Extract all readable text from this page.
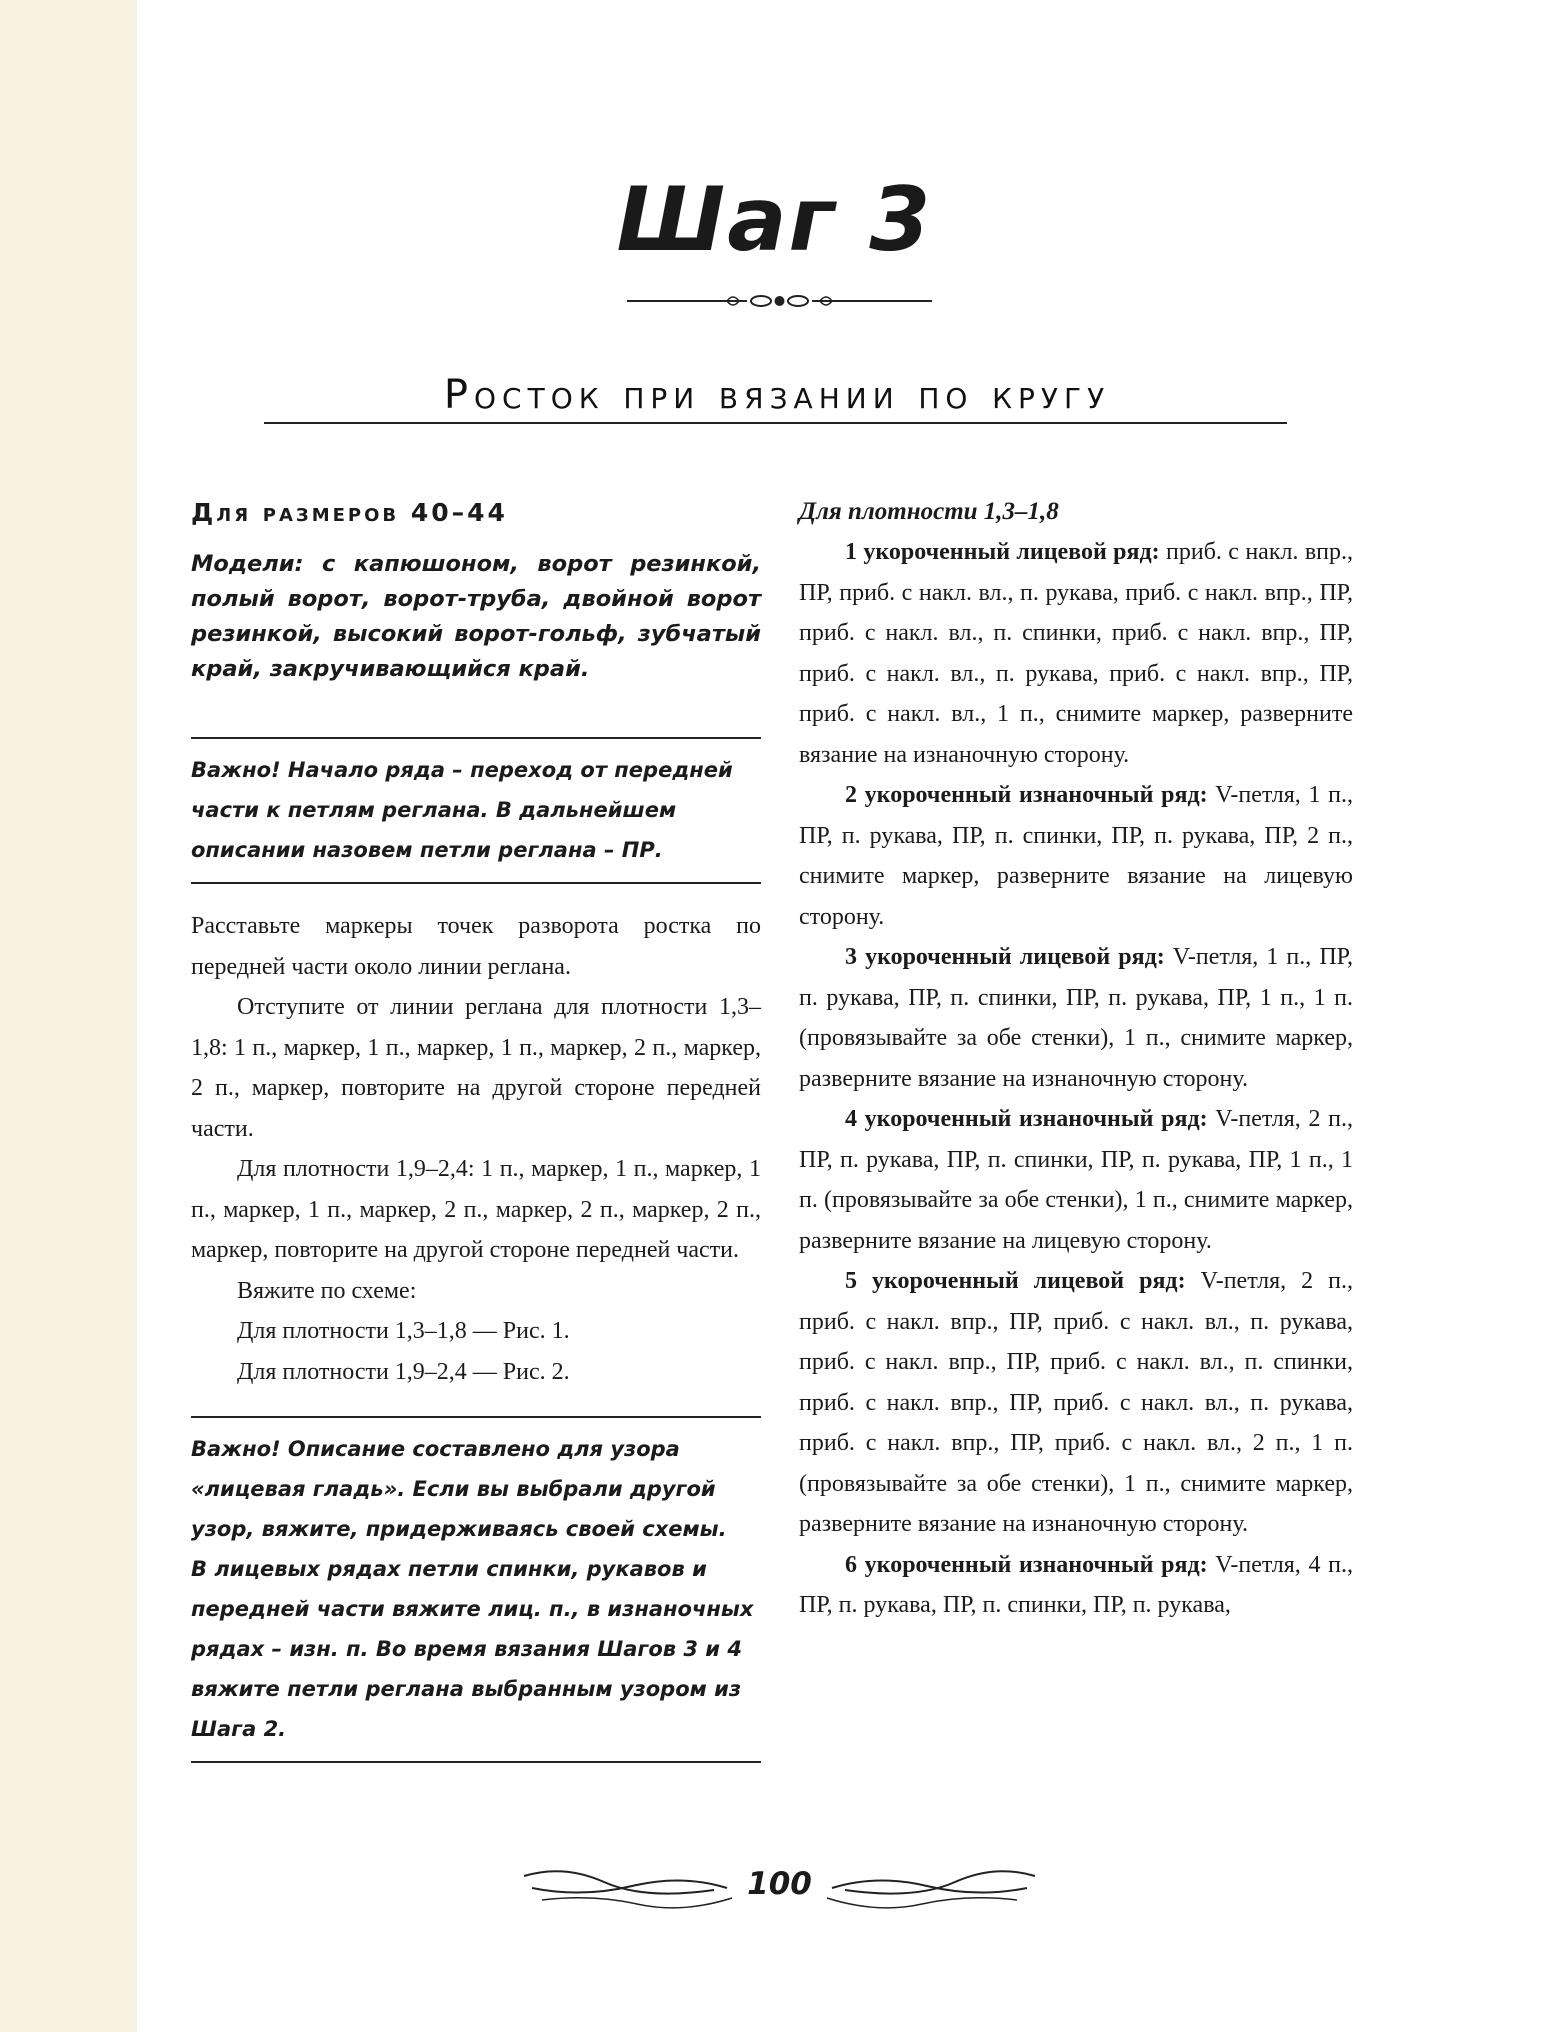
Шаг 3
Росток при вязании по кругу
Для размеров 40–44

Модели: с капюшоном, ворот резинкой, полый ворот, ворот-труба, двойной ворот резинкой, высокий ворот-гольф, зубчатый край, закручивающийся край.

Важно! Начало ряда – переход от передней части к петлям реглана. В дальнейшем описании назовем петли реглана – ПР.

Расставьте маркеры точек разворота ростка по передней части около линии реглана.

Отступите от линии реглана для плотности 1,3–1,8: 1 п., маркер, 1 п., маркер, 1 п., маркер, 2 п., маркер, 2 п., маркер, повторите на другой стороне передней части.

Для плотности 1,9–2,4: 1 п., маркер, 1 п., маркер, 1 п., маркер, 1 п., маркер, 2 п., маркер, 2 п., маркер, 2 п., маркер, повторите на другой стороне передней части.

Вяжите по схеме:

Для плотности 1,3–1,8 — Рис. 1.

Для плотности 1,9–2,4 — Рис. 2.

Важно! Описание составлено для узора «лицевая гладь». Если вы выбрали другой узор, вяжите, придерживаясь своей схемы.
В лицевых рядах петли спинки, рукавов и передней части вяжите лиц. п., в изнаночных рядах – изн. п. Во время вязания Шагов 3 и 4 вяжите петли реглана выбранным узором из Шага 2.
Для плотности 1,3–1,8

1 укороченный лицевой ряд: приб. с накл. впр., ПР, приб. с накл. вл., п. рукава, приб. с накл. впр., ПР, приб. с накл. вл., п. спинки, приб. с накл. впр., ПР, приб. с накл. вл., п. рукава, приб. с накл. впр., ПР, приб. с накл. вл., 1 п., снимите маркер, разверните вязание на изнаночную сторону.

2 укороченный изнаночный ряд: V-петля, 1 п., ПР, п. рукава, ПР, п. спинки, ПР, п. рукава, ПР, 2 п., снимите маркер, разверните вязание на лицевую сторону.

3 укороченный лицевой ряд: V-петля, 1 п., ПР, п. рукава, ПР, п. спинки, ПР, п. рукава, ПР, 1 п., 1 п. (провязывайте за обе стенки), 1 п., снимите маркер, разверните вязание на изнаночную сторону.

4 укороченный изнаночный ряд: V-петля, 2 п., ПР, п. рукава, ПР, п. спинки, ПР, п. рукава, ПР, 1 п., 1 п. (провязывайте за обе стенки), 1 п., снимите маркер, разверните вязание на лицевую сторону.

5 укороченный лицевой ряд: V-петля, 2 п., приб. с накл. впр., ПР, приб. с накл. вл., п. рукава, приб. с накл. впр., ПР, приб. с накл. вл., п. спинки, приб. с накл. впр., ПР, приб. с накл. вл., п. рукава, приб. с накл. впр., ПР, приб. с накл. вл., 2 п., 1 п. (провязывайте за обе стенки), 1 п., снимите маркер, разверните вязание на изнаночную сторону.

6 укороченный изнаночный ряд: V-петля, 4 п., ПР, п. рукава, ПР, п. спинки, ПР, п. рукава,

100
